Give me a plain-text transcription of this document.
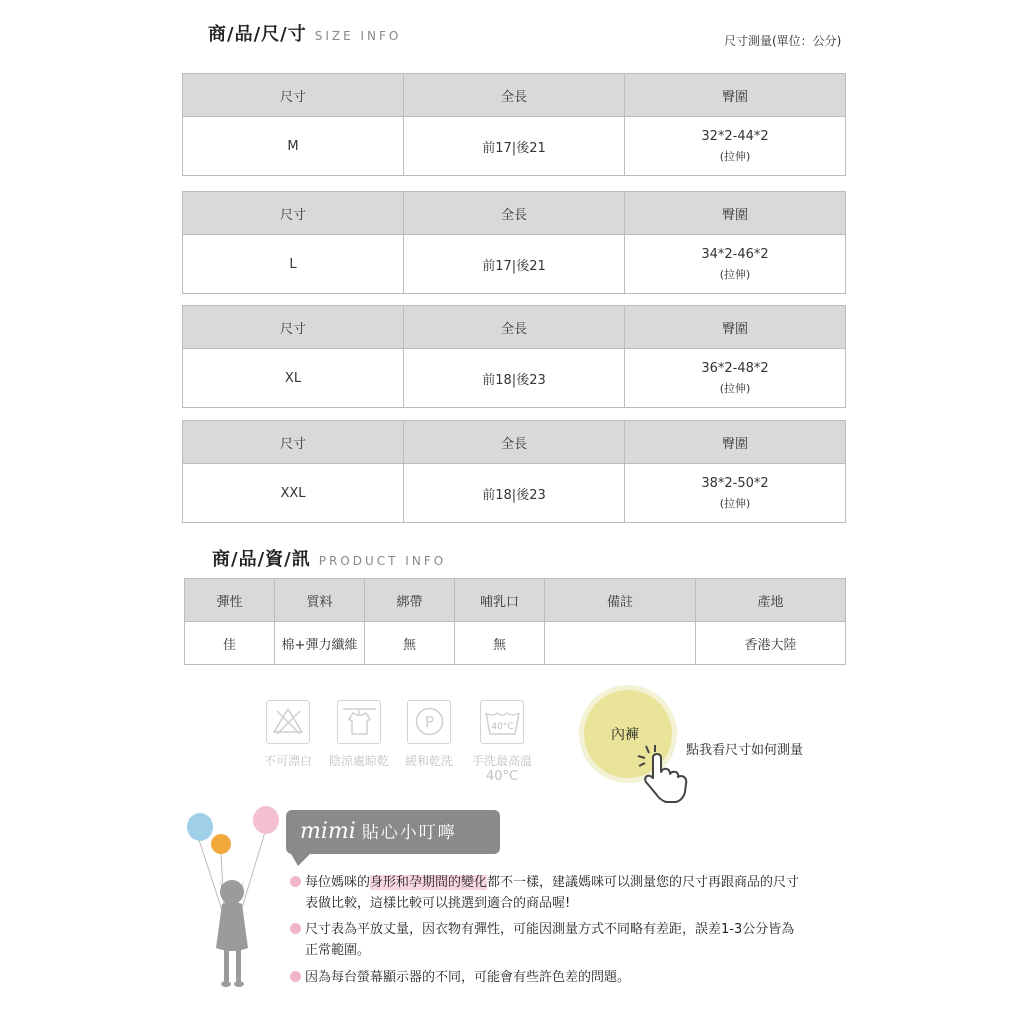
商/品/尺/寸 SIZE INFO	尺寸測量(單位：公分)
尺寸	全長	臀圍
M	前17|後21	32*2-44*2
(拉伸)
尺寸	全長	臀圍
L	前17|後21	34*2-46*2
(拉伸)
尺寸	全長	臀圍
XL	前18|後23	36*2-48*2
(拉伸)
尺寸	全長	臀圍
XXL	前18|後23	38*2-50*2
(拉伸)
商/品/資/訊 PRODUCT INFO
彈性	質料	綁帶	哺乳口	備註	產地
佳	棉+彈力纖維	無	無		香港大陸
不可漂白	陰涼處晾乾
P
緩和乾洗
40°C
手洗最高溫
40°C
內褲
點我看尺寸如何測量
mimi 貼心小叮嚀
每位媽咪的身形和孕期間的變化都不一樣，建議媽咪可以測量您的尺寸再跟商品的尺寸
表做比較，這樣比較可以挑選到適合的商品喔!
尺寸表為平放丈量，因衣物有彈性，可能因測量方式不同略有差距，誤差1-3公分皆為
正常範圍。
因為每台螢幕顯示器的不同，可能會有些許色差的問題。
